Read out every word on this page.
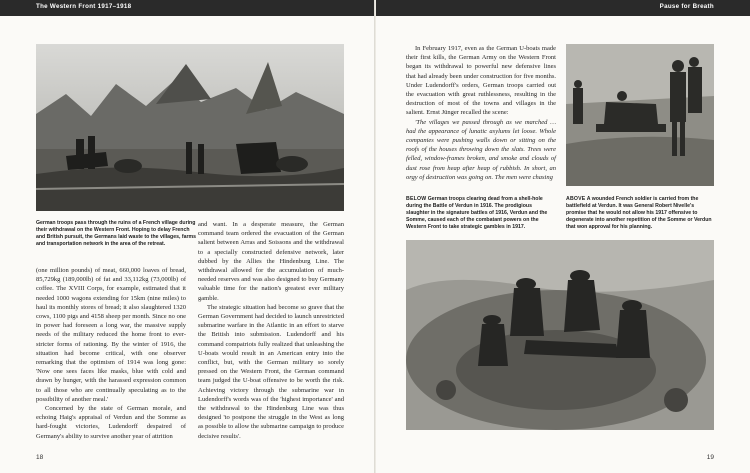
The Western Front 1917–1918
German troops pass through the ruins of a French village during their withdrawal on the Western Front. Hoping to delay French and British pursuit, the Germans laid waste to the villages, farms and transportation network in the area of the retreat.

(one million pounds) of meat, 660,000 loaves of bread, 85,729kg (189,000lb) of fat and 33,112kg (73,000lb) of coffee. The XVIII Corps, for example, estimated that it needed 1000 wagons extending for 15km (nine miles) to haul its monthly stores of bread; it also slaughtered 1320 cows, 1100 pigs and 4158 sheep per month. Since no one in power had foreseen a long war, the massive supply needs of the military reduced the home front to ever-stricter forms of rationing. By the winter of 1916, the situation had become critical, with one observer remarking that the optimism of 1914 was long gone: 'Now one sees faces like masks, blue with cold and drawn by hunger, with the harassed expression common to all those who are continually speculating as to the possibility of another meal.'

Concerned by the state of German morale, and echoing Haig's appraisal of Verdun and the Somme as hard-fought victories, Ludendorff despaired of Germany's ability to survive another year of attrition

and want. In a desperate measure, the German command team ordered the evacuation of the German salient between Arras and Soissons and the withdrawal to a specially constructed defensive network, later dubbed by the Allies the Hindenburg Line. The withdrawal allowed for the accumulation of much-needed reserves and was also designed to buy Germany valuable time for the nation's greatest ever military gamble.

The strategic situation had become so grave that the German Government had decided to launch unrestricted submarine warfare in the Atlantic in an effort to starve the British into submission. Ludendorff and his command compatriots fully realized that unleashing the U-boats would result in an American entry into the conflict, but, with the German military so sorely pressed on the Western Front, the German command team judged the U-boat offensive to be worth the risk. Achieving victory through the submarine war in Ludendorff's words was of the 'highest importance' and the withdrawal to the Hindenburg Line was thus designed 'to postpone the struggle in the West as long as possible to allow the submarine campaign to produce decisive results'.

18
Pause for Breath

In February 1917, even as the German U-boats made their first kills, the German Army on the Western Front began its withdrawal to powerful new defensive lines that had already been under construction for five months. Under Ludendorff's orders, German troops carried out the evacuation with great ruthlessness, resulting in the destruction of most of the towns and villages in the salient. Ernst Jünger recalled the scene:

'The villages we passed through as we marched … had the appearance of lunatic asylums let loose. Whole companies were pushing walls down or sitting on the roofs of the houses throwing down the slats. Trees were felled, window-frames broken, and smoke and clouds of dust rose from heap after heap of rubbish. In short, an orgy of destruction was going on. The men were chasing

BELOW German troops clearing dead from a shell-hole during the Battle of Verdun in 1916. The prodigious slaughter in the signature battles of 1916, Verdun and the Somme, caused each of the combatant powers on the Western Front to take strategic gambles in 1917.
ABOVE A wounded French soldier is carried from the battlefield at Verdun. It was General Robert Nivelle's promise that he would not allow his 1917 offensive to degenerate into another repetition of the Somme or Verdun that won approval for his planning.
19
